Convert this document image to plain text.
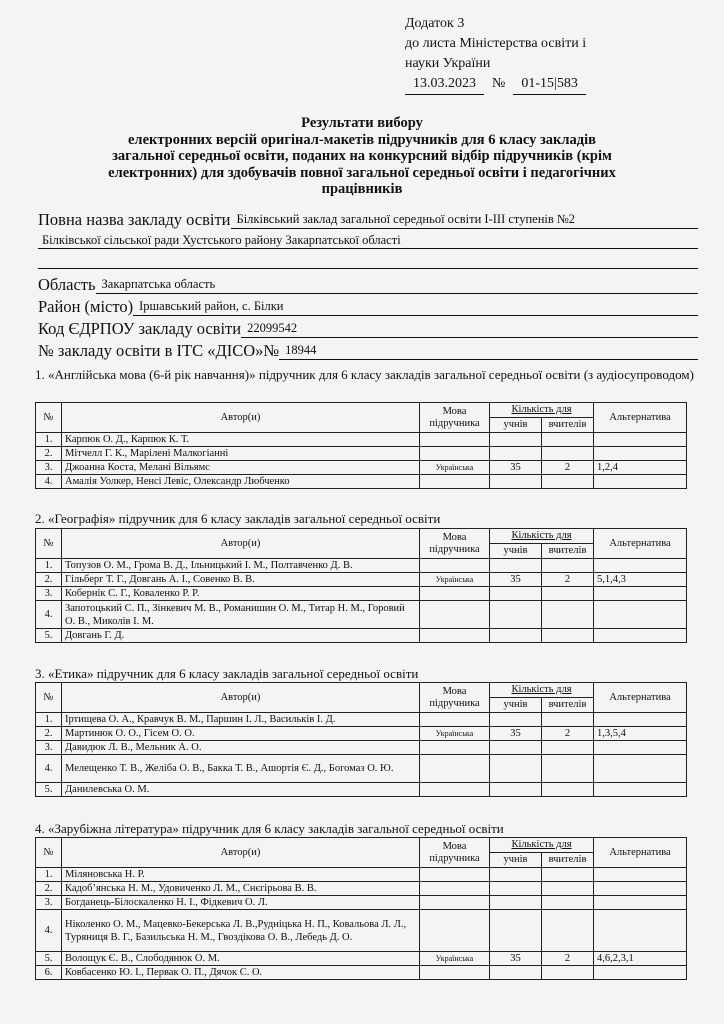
Додаток 3
до листа Міністерства освіти і
науки України
13.03.2023	№	01-15|583
Результати вибору
електронних версій оригінал-макетів підручників для 6 класу закладів
загальної середньої освіти, поданих на конкурсний відбір підручників (крім
електронних) для здобувачів повної загальної середньої освіти і педагогічних
працівників
Повна назва закладу освіти Білківський заклад загальної середньої освіти І-ІІІ ступенів №2
Білківської сільської ради Хустського району Закарпатської області
Область Закарпатська область
Район (місто) Іршавський район, с. Білки
Код ЄДРПОУ закладу освіти 22099542
№ закладу освіти в ІТС «ДІСО»№ 18944
1. «Англійська мова (6-й рік навчання)» підручник для 6 класу закладів загальної середньої освіти (з аудіосупроводом)
№	Автор(и)	Мова підручника	Кількість для		Альтернатива
			учнів	вчителів	
1.	Карпюк О. Д., Карпюк К. Т.				
2.	Мітчелл Г. К., Марілені Малкогіанні				
3.	Джоанна Коста, Мелані Вільямс	Українська	35	2	1,2,4
4.	Амалія Уолкер, Ненсі Левіс, Олександр Любченко				
2. «Географія» підручник для 6 класу закладів загальної середньої освіти
№	Автор(и)	Мова підручника	Кількість для		Альтернатива
			учнів	вчителів	
1.	Топузов О. М., Грома В. Д., Ільницький І. М., Полтавченко Д. В.				
2.	Гільберг Т. Г., Довгань А. І., Совенко В. В.	Українська	35	2	5,1,4,3
3.	Кобернік С. Г., Коваленко Р. Р.				
4.	Запотоцький С. П., Зінкевич М. В., Романишин О. М., Титар Н. М., Горовий О. В., Миколів І. М.				
5.	Довгань Г. Д.				
3. «Етика» підручник для 6 класу закладів загальної середньої освіти
№	Автор(и)	Мова підручника	Кількість для		Альтернатива
			учнів	вчителів	
1.	Іртищева О. А., Кравчук В. М., Паршин І. Л., Васильків І. Д.				
2.	Мартинюк О. О., Гісем О. О.	Українська	35	2	1,3,5,4
3.	Давидюк Л. В., Мельник А. О.				
4.	Мелещенко Т. В., Желіба О. В., Бакка Т. В., Ашортія Є. Д., Богомаз О. Ю.				
5.	Данилевська О. М.				
4. «Зарубіжна література» підручник для 6 класу закладів загальної середньої освіти
№	Автор(и)	Мова підручника	Кількість для		Альтернатива
			учнів	вчителів	
1.	Міляновська Н. Р.				
2.	Кадоб’янська Н. М., Удовиченко Л. М., Снєгірьова В. В.				
3.	Богданець-Білоскаленко Н. І., Фідкевич О. Л.				
4.	Ніколенко О. М., Мацевко-Бекерська Л. В.,Рудніцька Н. П., Ковальова Л. Л., Туряниця В. Г., Базильська Н. М., Гвоздікова О. В., Лебедь Д. О.				
5.	Волощук Є. В., Слободянюк О. М.	Українська	35	2	4,6,2,3,1
6.	Ковбасенко Ю. І., Первак О. П., Дячок С. О.				
